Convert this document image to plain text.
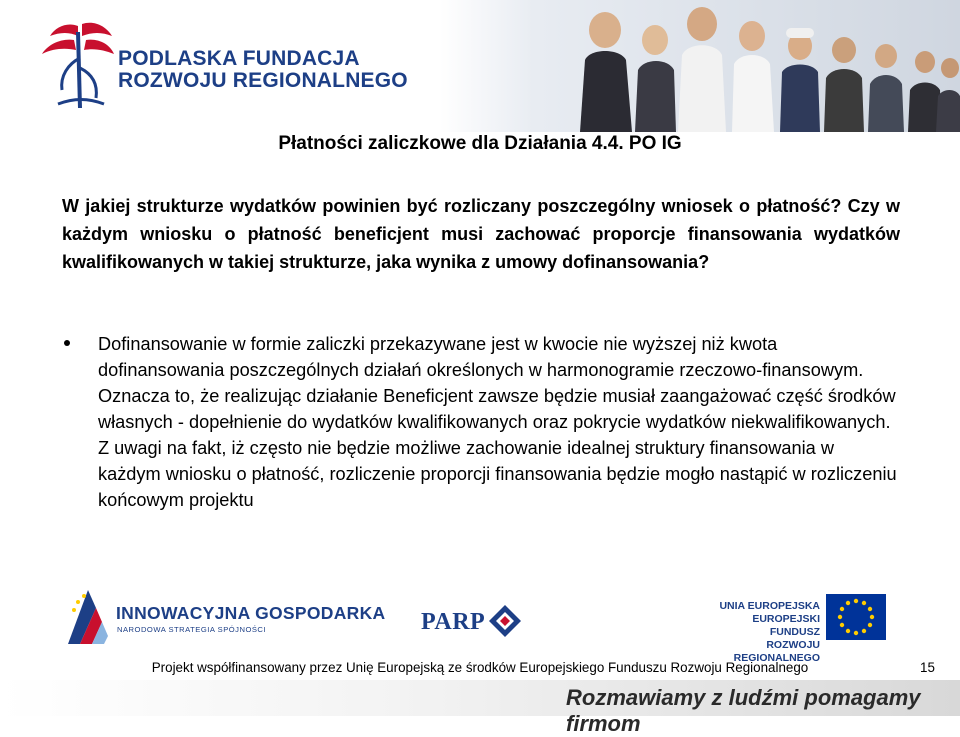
PODLASKA FUNDACJA
ROZWOJU REGIONALNEGO
Płatności zaliczkowe dla Działania 4.4. PO IG
W jakiej strukturze wydatków powinien być rozliczany poszczególny wniosek o płatność? Czy w każdym wniosku o płatność beneficjent musi zachować proporcje finansowania wydatków kwalifikowanych w takiej strukturze, jaka wynika z umowy dofinansowania?
Dofinansowanie w formie zaliczki przekazywane jest w kwocie nie wyższej niż kwota dofinansowania poszczególnych działań określonych w harmonogramie rzeczowo-finansowym. Oznacza to, że realizując działanie Beneficjent zawsze będzie musiał zaangażować część środków własnych - dopełnienie do wydatków kwalifikowanych oraz pokrycie wydatków niekwalifikowanych. Z uwagi na fakt, iż często nie będzie możliwe zachowanie idealnej struktury finansowania w każdym wniosku o płatność, rozliczenie proporcji finansowania będzie mogło nastąpić w rozliczeniu końcowym projektu
INNOWACYJNA GOSPODARKA
NARODOWA STRATEGIA SPÓJNOŚCI	PARP
UNIA EUROPEJSKA
EUROPEJSKI FUNDUSZ
ROZWOJU REGIONALNEGO
Projekt współfinansowany przez Unię Europejską ze środków Europejskiego Funduszu Rozwoju Regionalnego	15
Rozmawiamy z ludźmi pomagamy firmom
